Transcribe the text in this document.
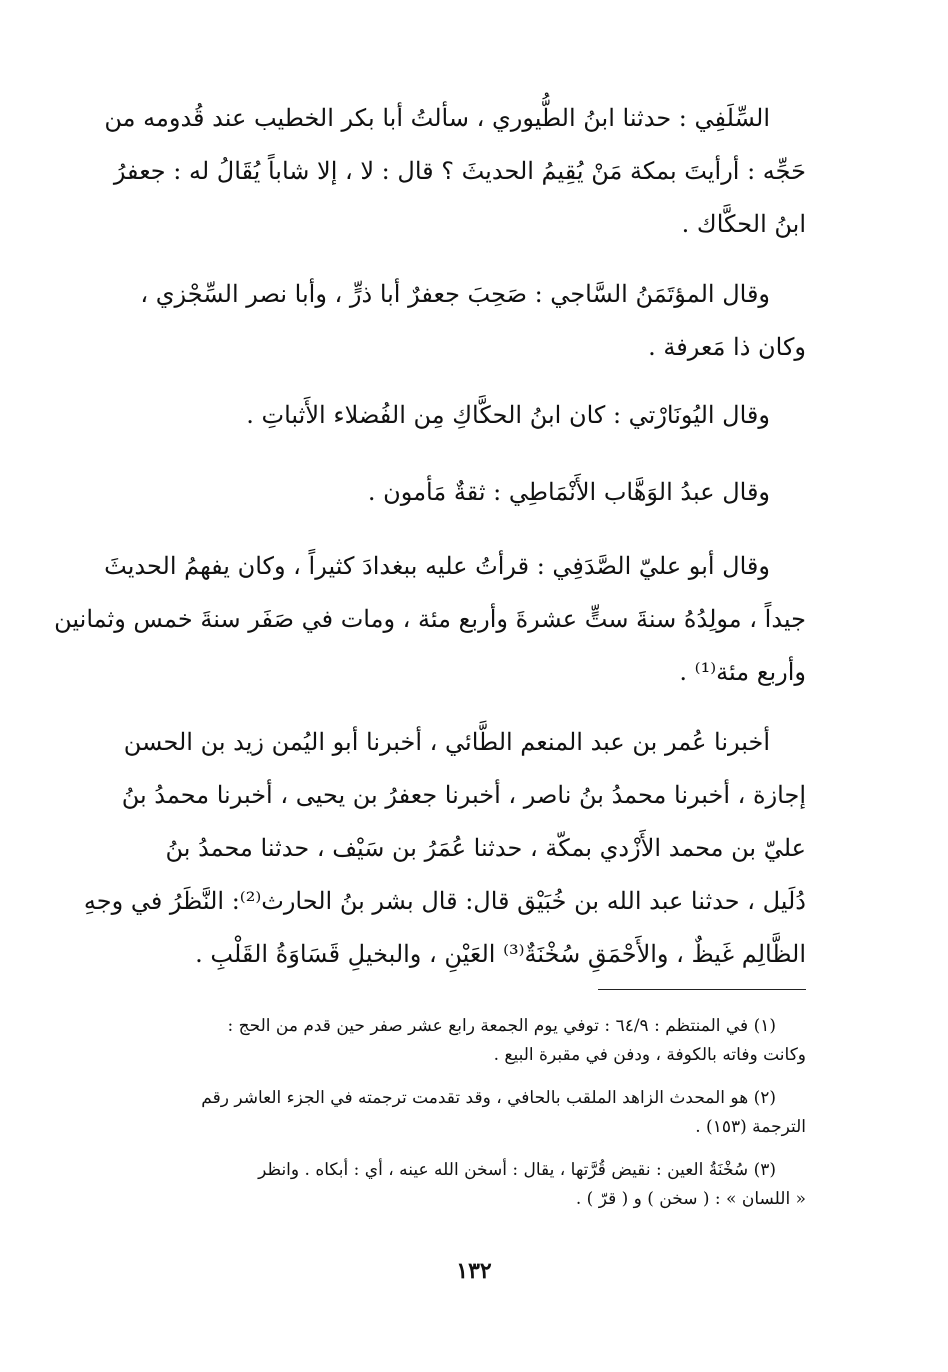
السِّلَفِي : حدثنا ابنُ الطُّيوري ، سألتُ أبا بكر الخطيب عند قُدومه من
حَجِّه : أرأيتَ بمكة مَنْ يُقِيمُ الحديثَ ؟ قال : لا ، إلا شاباً يُقَالُ له : جعفرُ
ابنُ الحكَّاك .
وقال المؤتَمَنُ السَّاجي : صَحِبَ جعفرٌ أبا ذرٍّ ، وأبا نصر السِّجْزي ،
وكان ذا مَعرفة .
وقال اليُونَارْتي : كان ابنُ الحكَّاكِ مِن الفُضلاء الأَثباتِ .
وقال عبدُ الوَهَّاب الأَنْمَاطِي : ثقةٌ مَأمون .
وقال أبو عليّ الصَّدَفِي : قرأتُ عليه ببغدادَ كثيراً ، وكان يفهمُ الحديثَ
جيداً ، مولِدُهُ سنةَ ستٍّ عشرةَ وأربع مئة ، ومات في صَفَر سنةَ خمس وثمانين
وأربع مئة⁽¹⁾ .
أخبرنا عُمر بن عبد المنعم الطَّائي ، أخبرنا أبو اليُمن زيد بن الحسن
إجازة ، أخبرنا محمدُ بنُ ناصر ، أخبرنا جعفرُ بن يحيى ، أخبرنا محمدُ بنُ
عليّ بن محمد الأَزْدي بمكّة ، حدثنا عُمَرُ بن سَيْف ، حدثنا محمدُ بنُ
دُلَيل ، حدثنا عبد الله بن خُبَيْق قال: قال بشر بنُ الحارث⁽²⁾: النَّظَرُ في وجهِ
الظَّالِم غَيظٌ ، والأَحْمَقِ سُخْنَةٌ⁽³⁾ العَيْنِ ، والبخيلِ قَسَاوَةُ القَلْبِ .
(١) في المنتظم : ٦٤/٩ : توفي يوم الجمعة رابع عشر صفر حين قدم من الحج :
وكانت وفاته بالكوفة ، ودفن في مقبرة البيع .
(٢) هو المحدث الزاهد الملقب بالحافي ، وقد تقدمت ترجمته في الجزء العاشر رقم
الترجمة (١٥٣) .
(٣) سُخْنَةُ العين : نقيض قُرَّتها ، يقال : أسخن الله عينه ، أي : أبكاه . وانظر
« اللسان » : ( سخن ) و ( قرّ ) .
١٣٢
